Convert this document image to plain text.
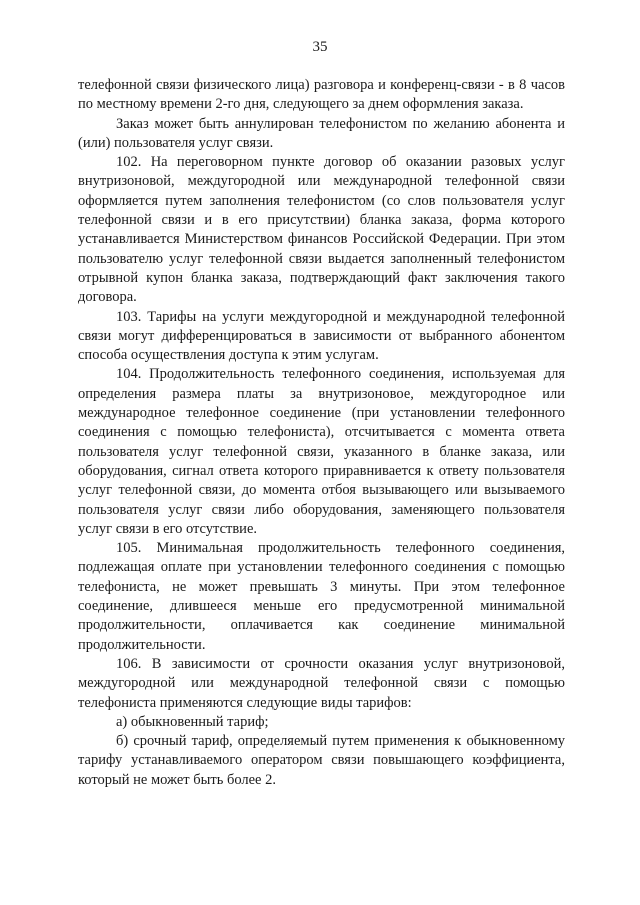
35

телефонной связи физического лица) разговора и конференц-связи - в 8 часов по местному времени 2-го дня, следующего за днем оформления заказа.

Заказ может быть аннулирован телефонистом по желанию абонента и (или) пользователя услуг связи.

102. На переговорном пункте договор об оказании разовых услуг внутризоновой, междугородной или международной телефонной связи оформляется путем заполнения телефонистом (со слов пользователя услуг телефонной связи и в его присутствии) бланка заказа, форма которого устанавливается Министерством финансов Российской Федерации. При этом пользователю услуг телефонной связи выдается заполненный телефонистом отрывной купон бланка заказа, подтверждающий факт заключения такого договора.

103. Тарифы на услуги междугородной и международной телефонной связи могут дифференцироваться в зависимости от выбранного абонентом способа осуществления доступа к этим услугам.

104. Продолжительность телефонного соединения, используемая для определения размера платы за внутризоновое, междугородное или международное телефонное соединение (при установлении телефонного соединения с помощью телефониста), отсчитывается с момента ответа пользователя услуг телефонной связи, указанного в бланке заказа, или оборудования, сигнал ответа которого приравнивается к ответу пользователя услуг телефонной связи, до момента отбоя вызывающего или вызываемого пользователя услуг связи либо оборудования, заменяющего пользователя услуг связи в его отсутствие.

105. Минимальная продолжительность телефонного соединения, подлежащая оплате при установлении телефонного соединения с помощью телефониста, не может превышать 3 минуты. При этом телефонное соединение, длившееся меньше его предусмотренной минимальной продолжительности, оплачивается как соединение минимальной продолжительности.

106. В зависимости от срочности оказания услуг внутризоновой, междугородной или международной телефонной связи с помощью телефониста применяются следующие виды тарифов:

а) обыкновенный тариф;

б) срочный тариф, определяемый путем применения к обыкновенному тарифу устанавливаемого оператором связи повышающего коэффициента, который не может быть более 2.
